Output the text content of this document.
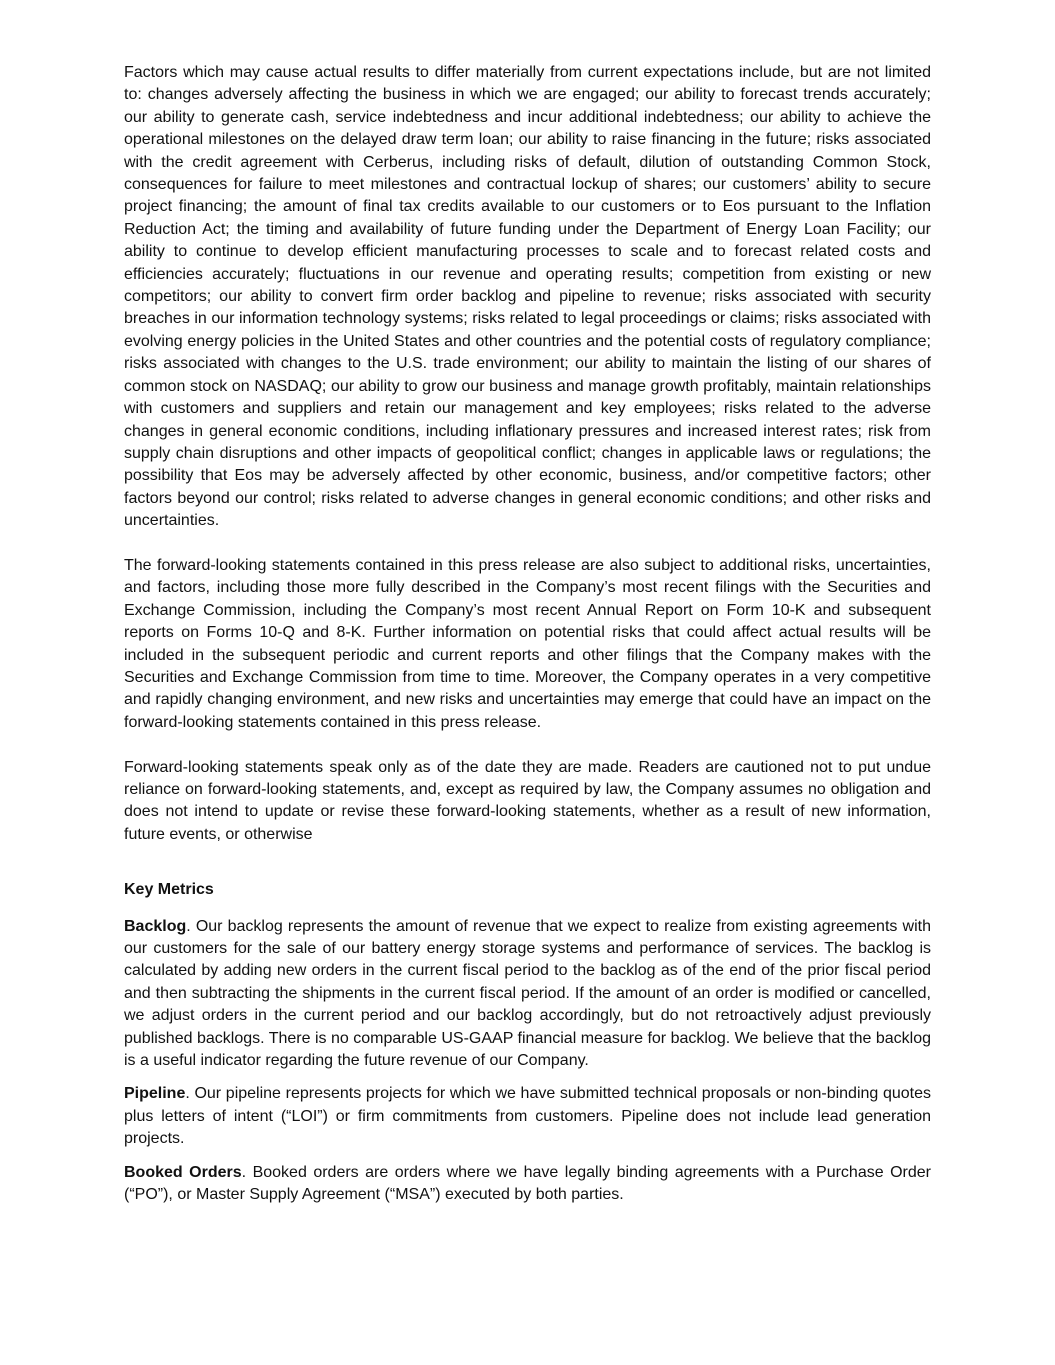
Factors which may cause actual results to differ materially from current expectations include, but are not limited to: changes adversely affecting the business in which we are engaged; our ability to forecast trends accurately; our ability to generate cash, service indebtedness and incur additional indebtedness; our ability to achieve the operational milestones on the delayed draw term loan; our ability to raise financing in the future; risks associated with the credit agreement with Cerberus, including risks of default, dilution of outstanding Common Stock, consequences for failure to meet milestones and contractual lockup of shares; our customers’ ability to secure project financing; the amount of final tax credits available to our customers or to Eos pursuant to the Inflation Reduction Act; the timing and availability of future funding under the Department of Energy Loan Facility; our ability to continue to develop efficient manufacturing processes to scale and to forecast related costs and efficiencies accurately; fluctuations in our revenue and operating results; competition from existing or new competitors; our ability to convert firm order backlog and pipeline to revenue; risks associated with security breaches in our information technology systems; risks related to legal proceedings or claims; risks associated with evolving energy policies in the United States and other countries and the potential costs of regulatory compliance; risks associated with changes to the U.S. trade environment; our ability to maintain the listing of our shares of common stock on NASDAQ; our ability to grow our business and manage growth profitably, maintain relationships with customers and suppliers and retain our management and key employees; risks related to the adverse changes in general economic conditions, including inflationary pressures and increased interest rates; risk from supply chain disruptions and other impacts of geopolitical conflict; changes in applicable laws or regulations; the possibility that Eos may be adversely affected by other economic, business, and/or competitive factors; other factors beyond our control; risks related to adverse changes in general economic conditions; and other risks and uncertainties.

The forward-looking statements contained in this press release are also subject to additional risks, uncertainties, and factors, including those more fully described in the Company’s most recent filings with the Securities and Exchange Commission, including the Company’s most recent Annual Report on Form 10-K and subsequent reports on Forms 10-Q and 8-K. Further information on potential risks that could affect actual results will be included in the subsequent periodic and current reports and other filings that the Company makes with the Securities and Exchange Commission from time to time. Moreover, the Company operates in a very competitive and rapidly changing environment, and new risks and uncertainties may emerge that could have an impact on the forward-looking statements contained in this press release.

Forward-looking statements speak only as of the date they are made. Readers are cautioned not to put undue reliance on forward-looking statements, and, except as required by law, the Company assumes no obligation and does not intend to update or revise these forward-looking statements, whether as a result of new information, future events, or otherwise

Key Metrics

Backlog. Our backlog represents the amount of revenue that we expect to realize from existing agreements with our customers for the sale of our battery energy storage systems and performance of services. The backlog is calculated by adding new orders in the current fiscal period to the backlog as of the end of the prior fiscal period and then subtracting the shipments in the current fiscal period. If the amount of an order is modified or cancelled, we adjust orders in the current period and our backlog accordingly, but do not retroactively adjust previously published backlogs. There is no comparable US-GAAP financial measure for backlog. We believe that the backlog is a useful indicator regarding the future revenue of our Company.

Pipeline. Our pipeline represents projects for which we have submitted technical proposals or non-binding quotes plus letters of intent (“LOI”) or firm commitments from customers. Pipeline does not include lead generation projects.

Booked Orders. Booked orders are orders where we have legally binding agreements with a Purchase Order (“PO”), or Master Supply Agreement (“MSA”) executed by both parties.
